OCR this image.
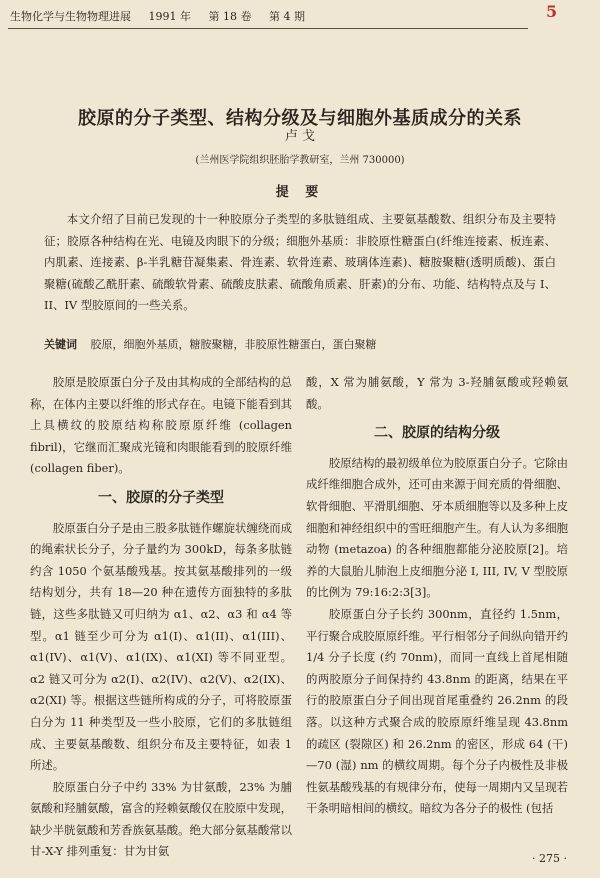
生物化学与生物物理进展 1991 年 第 18 卷 第 4 期	5
胶原的分子类型、结构分级及与细胞外基质成分的关系
卢 戈
(兰州医学院组织胚胎学教研室，兰州 730000)
提 要

本文介绍了目前已发现的十一种胶原分子类型的多肽链组成、主要氨基酸数、组织分布及主要特征；胶原各种结构在光、电镜及肉眼下的分级；细胞外基质：非胶原性糖蛋白(纤维连接素、板连素、内肌素、连接素、β-半乳糖苷凝集素、骨连素、软骨连素、玻璃体连素)、糖胺聚糖(透明质酸)、蛋白聚糖(硫酸乙酰肝素、硫酸软骨素、硫酸皮肤素、硫酸角质素、肝素)的分布、功能、结构特点及与 I、II、IV 型胶原间的一些关系。

关键词 胶原，细胞外基质，糖胺聚糖，非胶原性糖蛋白，蛋白聚糖

胶原是胶原蛋白分子及由其构成的全部结构的总称，在体内主要以纤维的形式存在。电镜下能看到其上具横纹的胶原结构称胶原原纤维 (collagen fibril)，它继而汇聚成光镜和肉眼能看到的胶原纤维 (collagen fiber)。

一、胶原的分子类型

胶原蛋白分子是由三股多肽链作螺旋状缠绕而成的绳索状长分子，分子量约为 300kD，每条多肽链约含 1050 个氨基酸残基。按其氨基酸排列的一级结构划分，共有 18—20 种在遗传方面独特的多肽链，这些多肽链又可归纳为 α1、α2、α3 和 α4 等型。α1 链至少可分为 α1(I)、α1(II)、α1(III)、α1(IV)、α1(V)、α1(IX)、α1(XI) 等不同亚型。α2 链又可分为 α2(I)、α2(IV)、α2(V)、α2(IX)、α2(XI) 等。根据这些链所构成的分子，可将胶原蛋白分为 11 种类型及一些小胶原，它们的多肽链组成、主要氨基酸数、组织分布及主要特征，如表 1 所述。

胶原蛋白分子中约 33% 为甘氨酸，23% 为脯氨酸和羟脯氨酸，富含的羟赖氨酸仅在胶原中发现，缺少半胱氨酸和芳香族氨基酸。绝大部分氨基酸常以甘-X-Y 排列重复：甘为甘氨

酸，X 常为脯氨酸，Y 常为 3-羟脯氨酸或羟赖氨酸。

二、胶原的结构分级

胶原结构的最初级单位为胶原蛋白分子。它除由成纤维细胞合成外，还可由来源于间充质的骨细胞、软骨细胞、平滑肌细胞、牙本质细胞等以及多种上皮细胞和神经组织中的雪旺细胞产生。有人认为多细胞动物 (metazoa) 的各种细胞都能分泌胶原[2]。培养的大鼠胎儿肺泡上皮细胞分泌 I, III, IV, V 型胶原的比例为 79:16:2:3[3]。

胶原蛋白分子长约 300nm，直径约 1.5nm，平行聚合成胶原原纤维。平行相邻分子间纵向错开约 1/4 分子长度 (约 70nm)，而同一直线上首尾相随的两胶原分子间保持约 43.8nm 的距离，结果在平行的胶原蛋白分子间出现首尾重叠约 26.2nm 的段落。以这种方式聚合成的胶原原纤维呈现 43.8nm 的疏区 (裂隙区) 和 26.2nm 的密区，形成 64 (干)—70 (湿) nm 的横纹周期。每个分子内极性及非极性氨基酸残基的有规律分布，使每一周期内又呈现若干条明暗相间的横纹。暗纹为各分子的极性 (包括

· 275 ·
